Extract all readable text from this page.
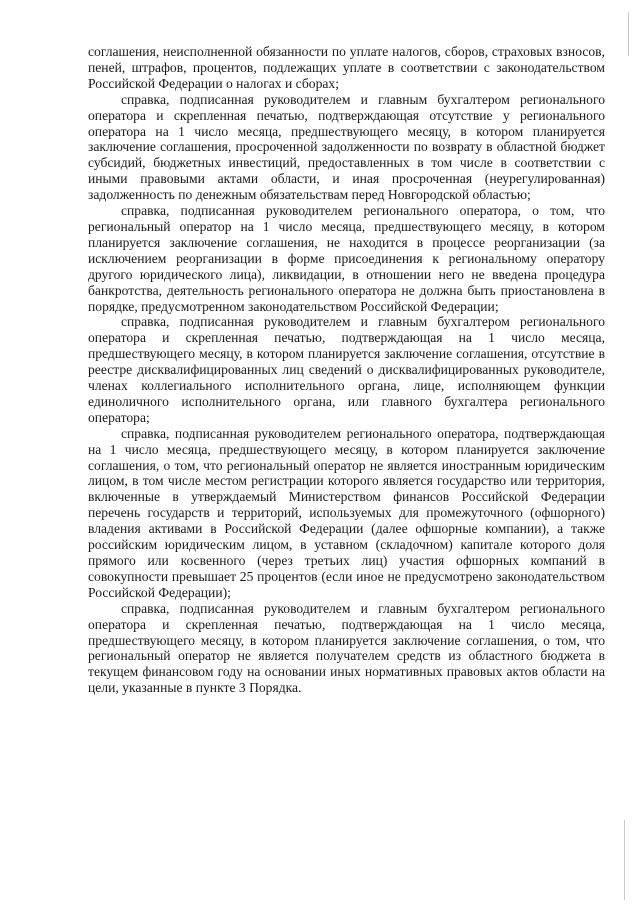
соглашения, неисполненной обязанности по уплате налогов, сборов, страховых взносов, пеней, штрафов, процентов, подлежащих уплате в соответствии с законодательством Российской Федерации о налогах и сборах;

справка, подписанная руководителем и главным бухгалтером регионального оператора и скрепленная печатью, подтверждающая отсутствие у регионального оператора на 1 число месяца, предшествующего месяцу, в котором планируется заключение соглашения, просроченной задолженности по возврату в областной бюджет субсидий, бюджетных инвестиций, предоставленных в том числе в соответствии с иными правовыми актами области, и иная просроченная (неурегулированная) задолженность по денежным обязательствам перед Новгородской областью;

справка, подписанная руководителем регионального оператора, о том, что региональный оператор на 1 число месяца, предшествующего месяцу, в котором планируется заключение соглашения, не находится в процессе реорганизации (за исключением реорганизации в форме присоединения к региональному оператору другого юридического лица), ликвидации, в отношении него не введена процедура банкротства, деятельность регионального оператора не должна быть приостановлена в порядке, предусмотренном законодательством Российской Федерации;

справка, подписанная руководителем и главным бухгалтером регионального оператора и скрепленная печатью, подтверждающая на 1 число месяца, предшествующего месяцу, в котором планируется заключение соглашения, отсутствие в реестре дисквалифицированных лиц сведений о дисквалифицированных руководителе, членах коллегиального исполнительного органа, лице, исполняющем функции единоличного исполнительного органа, или главного бухгалтера регионального оператора;

справка, подписанная руководителем регионального оператора, подтверждающая на 1 число месяца, предшествующего месяцу, в котором планируется заключение соглашения, о том, что региональный оператор не является иностранным юридическим лицом, в том числе местом регистрации которого является государство или территория, включенные в утверждаемый Министерством финансов Российской Федерации перечень государств и территорий, используемых для промежуточного (офшорного) владения активами в Российской Федерации (далее офшорные компании), а также российским юридическим лицом, в уставном (складочном) капитале которого доля прямого или косвенного (через третьих лиц) участия офшорных компаний в совокупности превышает 25 процентов (если иное не предусмотрено законодательством Российской Федерации);

справка, подписанная руководителем и главным бухгалтером регионального оператора и скрепленная печатью, подтверждающая на 1 число месяца, предшествующего месяцу, в котором планируется заключение соглашения, о том, что региональный оператор не является получателем средств из областного бюджета в текущем финансовом году на основании иных нормативных правовых актов области на цели, указанные в пункте 3 Порядка.
